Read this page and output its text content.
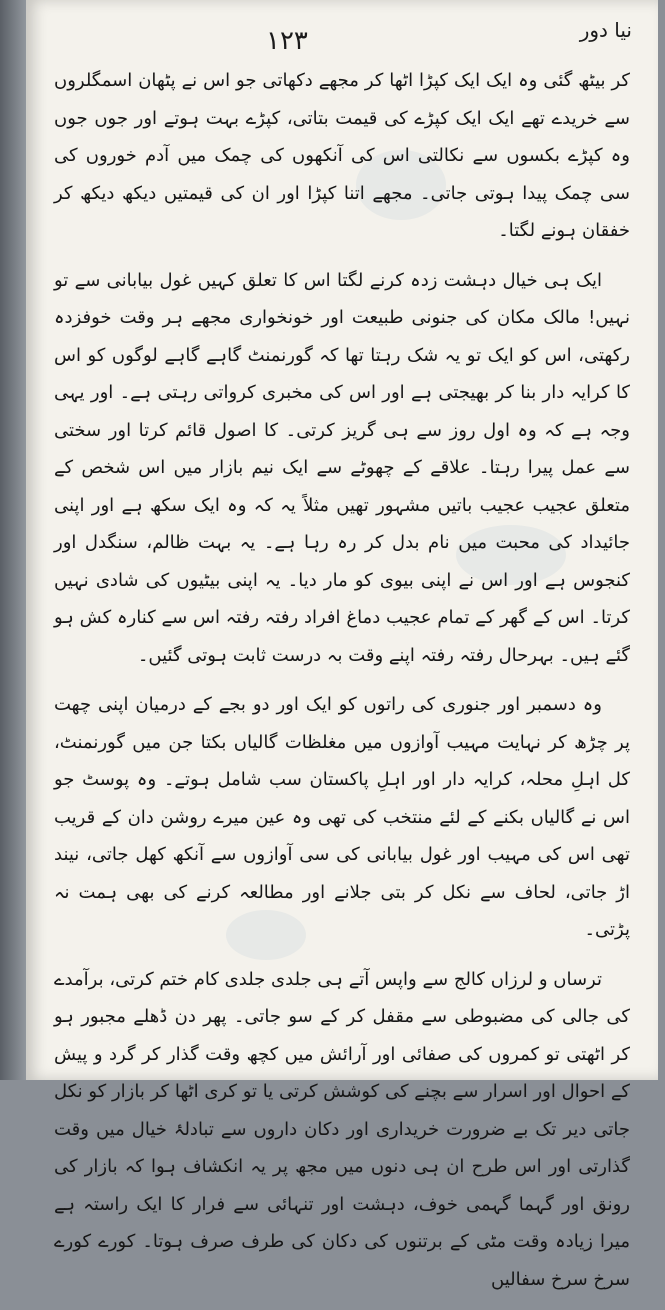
۱۲۳	نیا دور

کر بیٹھ گئی وہ ایک ایک کپڑا اٹھا کر مجھے دکھاتی جو اس نے پٹھان اسمگلروں سے خریدے تھے ایک ایک کپڑے کی قیمت بتاتی، کپڑے بہت ہوتے اور جوں جوں وہ کپڑے بکسوں سے نکالتی اس کی آنکھوں کی چمک میں آدم خوروں کی سی چمک پیدا ہوتی جاتی۔ مجھے اتنا کپڑا اور ان کی قیمتیں دیکھ دیکھ کر خفقان ہونے لگتا۔

ایک ہی خیال دہشت زدہ کرنے لگتا اس کا تعلق کہیں غول بیابانی سے تو نہیں! مالک مکان کی جنونی طبیعت اور خونخواری مجھے ہر وقت خوفزدہ رکھتی، اس کو ایک تو یہ شک رہتا تھا کہ گورنمنٹ گاہے گاہے لوگوں کو اس کا کرایہ دار بنا کر بھیجتی ہے اور اس کی مخبری کرواتی رہتی ہے۔ اور یہی وجہ ہے کہ وہ اول روز سے ہی گریز کرتی۔ کا اصول قائم کرتا اور سختی سے عمل پیرا رہتا۔ علاقے کے چھوٹے سے ایک نیم بازار میں اس شخص کے متعلق عجیب عجیب باتیں مشہور تھیں مثلاً یہ کہ وہ ایک سکھ ہے اور اپنی جائیداد کی محبت میں نام بدل کر رہ رہا ہے۔ یہ بہت ظالم، سنگدل اور کنجوس ہے اور اس نے اپنی بیوی کو مار دیا۔ یہ اپنی بیٹیوں کی شادی نہیں کرتا۔ اس کے گھر کے تمام عجیب دماغ افراد رفتہ رفتہ اس سے کنارہ کش ہو گئے ہیں۔ بہرحال رفتہ رفتہ اپنے وقت بہ درست ثابت ہوتی گئیں۔

وہ دسمبر اور جنوری کی راتوں کو ایک اور دو بجے کے درمیان اپنی چھت پر چڑھ کر نہایت مہیب آوازوں میں مغلظات گالیاں بکتا جن میں گورنمنٹ، کل اہلِ محلہ، کرایہ دار اور اہلِ پاکستان سب شامل ہوتے۔ وہ پوسٹ جو اس نے گالیاں بکنے کے لئے منتخب کی تھی وہ عین میرے روشن دان کے قریب تھی اس کی مہیب اور غول بیابانی کی سی آوازوں سے آنکھ کھل جاتی، نیند اڑ جاتی، لحاف سے نکل کر بتی جلانے اور مطالعہ کرنے کی بھی ہمت نہ پڑتی۔

ترساں و لرزاں کالج سے واپس آتے ہی جلدی جلدی کام ختم کرتی، برآمدے کی جالی کی مضبوطی سے مقفل کر کے سو جاتی۔ پھر دن ڈھلے مجبور ہو کر اٹھتی تو کمروں کی صفائی اور آرائش میں کچھ وقت گذار کر گرد و پیش کے احوال اور اسرار سے بچنے کی کوشش کرتی یا تو کری اٹھا کر بازار کو نکل جاتی دیر تک بے ضرورت خریداری اور دکان داروں سے تبادلۂ خیال میں وقت گذارتی اور اس طرح ان ہی دنوں میں مجھ پر یہ انکشاف ہوا کہ بازار کی رونق اور گہما گہمی خوف، دہشت اور تنہائی سے فرار کا ایک راستہ ہے میرا زیادہ وقت مٹی کے برتنوں کی دکان کی طرف صرف ہوتا۔ کورے کورے سرخ سرخ سفالیں
